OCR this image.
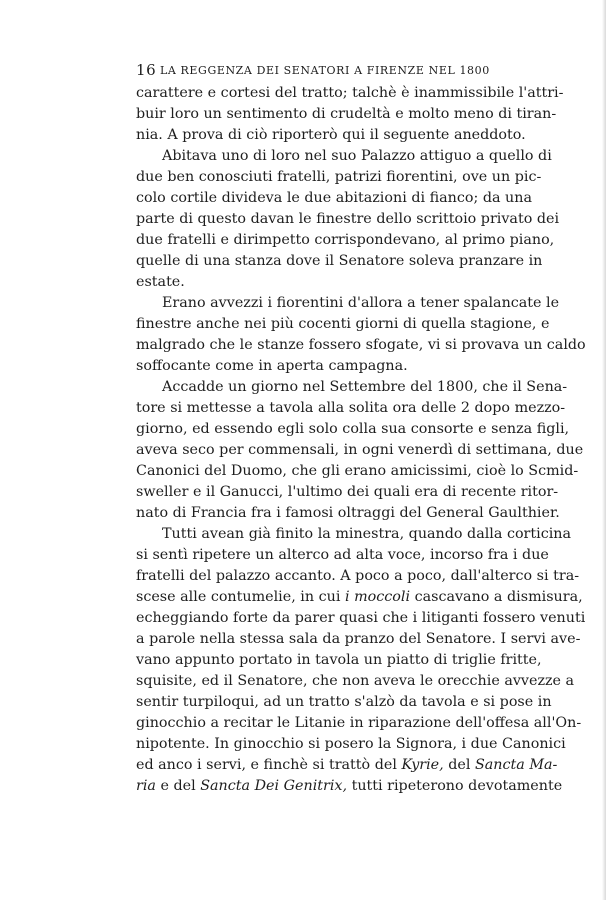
16 LA REGGENZA DEI SENATORI A FIRENZE NEL 1800
carattere e cortesi del tratto; talchè è inammissibile l'attri-
buir loro un sentimento di crudeltà e molto meno di tiran-
nia. A prova di ciò riporterò qui il seguente aneddoto.
Abitava uno di loro nel suo Palazzo attiguo a quello di
due ben conosciuti fratelli, patrizi fiorentini, ove un pic-
colo cortile divideva le due abitazioni di fianco; da una
parte di questo davan le finestre dello scrittoio privato dei
due fratelli e dirimpetto corrispondevano, al primo piano,
quelle di una stanza dove il Senatore soleva pranzare in
estate.
Erano avvezzi i fiorentini d'allora a tener spalancate le
finestre anche nei più cocenti giorni di quella stagione, e
malgrado che le stanze fossero sfogate, vi si provava un caldo
soffocante come in aperta campagna.
Accadde un giorno nel Settembre del 1800, che il Sena-
tore si mettesse a tavola alla solita ora delle 2 dopo mezzo-
giorno, ed essendo egli solo colla sua consorte e senza figli,
aveva seco per commensali, in ogni venerdì di settimana, due
Canonici del Duomo, che gli erano amicissimi, cioè lo Scmid-
sweller e il Ganucci, l'ultimo dei quali era di recente ritor-
nato di Francia fra i famosi oltraggi del General Gaulthier.
Tutti avean già finito la minestra, quando dalla corticina
si sentì ripetere un alterco ad alta voce, incorso fra i due
fratelli del palazzo accanto. A poco a poco, dall'alterco si tra-
scese alle contumelie, in cui i moccoli cascavano a dismisura,
echeggiando forte da parer quasi che i litiganti fossero venuti
a parole nella stessa sala da pranzo del Senatore. I servi ave-
vano appunto portato in tavola un piatto di triglie fritte,
squisite, ed il Senatore, che non aveva le orecchie avvezze a
sentir turpiloqui, ad un tratto s'alzò da tavola e si pose in
ginocchio a recitar le Litanie in riparazione dell'offesa all'On-
nipotente. In ginocchio si posero la Signora, i due Canonici
ed anco i servi, e finchè si trattò del Kyrie, del Sancta Ma-
ria e del Sancta Dei Genitrix, tutti ripeterono devotamente
